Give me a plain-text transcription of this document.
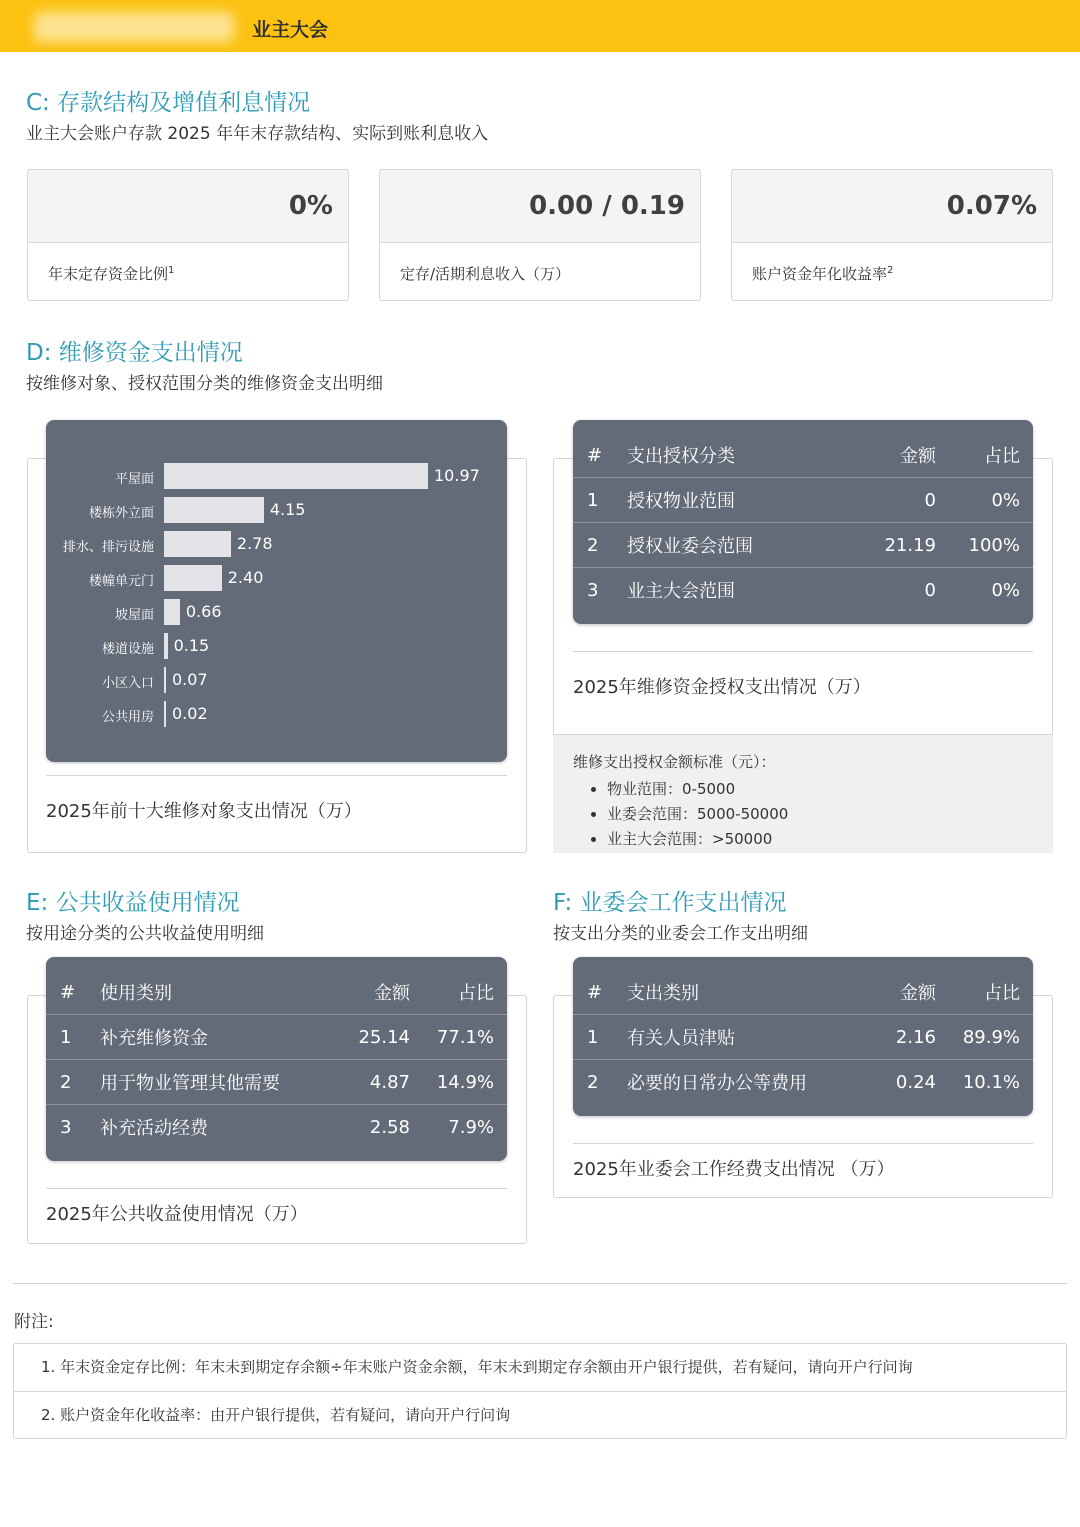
业主大会
C: 存款结构及增值利息情况
业主大会账户存款 2025 年年末存款结构、实际到账利息收入
0%
年末定存资金比例$^1$
0.00 / 0.19
定存/活期利息收入（万）
0.07%
账户资金年化收益率$^2$
D: 维修资金支出情况
按维修对象、授权范围分类的维修资金支出明细
平屋面	10.97
楼栋外立面	4.15
排水、排污设施	2.78
楼幢单元门	2.40
坡屋面 0.66
楼道设施 0.15
小区入口 0.07
公共用房 0.02
2025年前十大维修对象支出情况（万）
#	支出授权分类	金额	占比
1	授权物业范围	0	0%
2	授权业委会范围	21.19	100%
3	业主大会范围	0	0%
2025年维修资金授权支出情况（万）
维修支出授权金额标准（元）：
• 物业范围：0-5000
• 业委会范围：5000-50000
• 业主大会范围：>50000
E: 公共收益使用情况
按用途分类的公共收益使用明细
#	使用类别	金额	占比
1	补充维修资金	25.14	77.1%
2	用于物业管理其他需要	4.87	14.9%
3	补充活动经费	2.58	7.9%
2025年公共收益使用情况（万）
F: 业委会工作支出情况
按支出分类的业委会工作支出明细
#	支出类别	金额	占比
1	有关人员津贴	2.16	89.9%
2	必要的日常办公等费用	0.24	10.1%
2025年业委会工作经费支出情况 （万）
附注:
1. 年末资金定存比例：年末未到期定存余额÷年末账户资金余额，年末未到期定存余额由开户银行提供，若有疑问，请向开户行问询
2. 账户资金年化收益率：由开户银行提供，若有疑问，请向开户行问询
